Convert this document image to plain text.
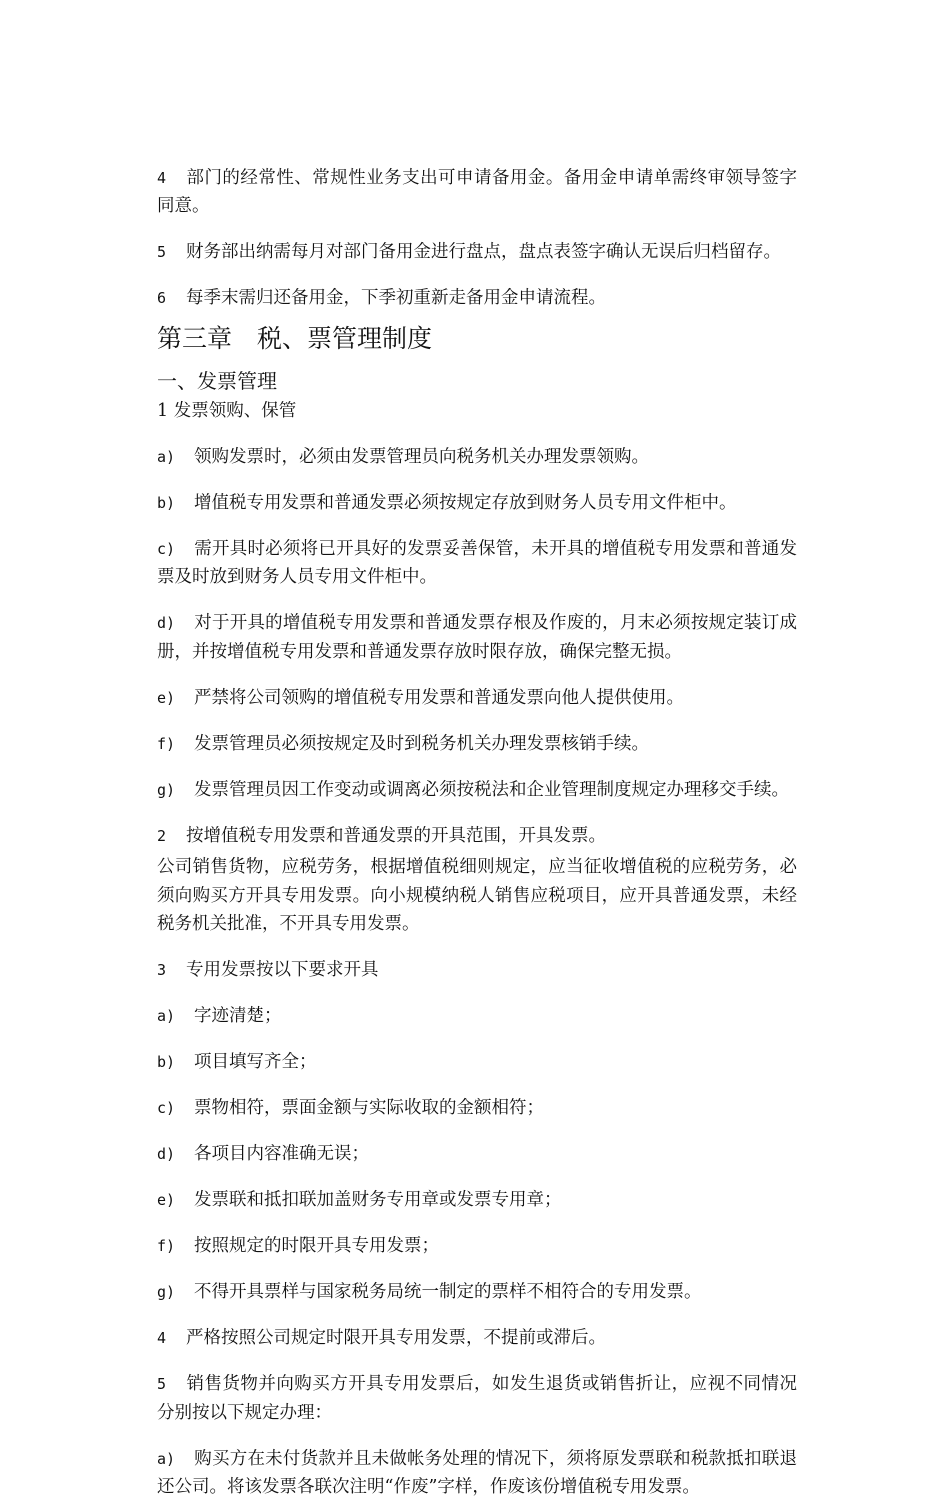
4 部门的经常性、常规性业务支出可申请备用金。备用金申请单需终审领导签字同意。

5 财务部出纳需每月对部门备用金进行盘点，盘点表签字确认无误后归档留存。

6 每季末需归还备用金，下季初重新走备用金申请流程。

第三章　税、票管理制度
一、发票管理

1 发票领购、保管

a) 领购发票时，必须由发票管理员向税务机关办理发票领购。

b) 增值税专用发票和普通发票必须按规定存放到财务人员专用文件柜中。

c) 需开具时必须将已开具好的发票妥善保管，未开具的增值税专用发票和普通发票及时放到财务人员专用文件柜中。

d) 对于开具的增值税专用发票和普通发票存根及作废的，月末必须按规定装订成册，并按增值税专用发票和普通发票存放时限存放，确保完整无损。

e) 严禁将公司领购的增值税专用发票和普通发票向他人提供使用。

f) 发票管理员必须按规定及时到税务机关办理发票核销手续。

g) 发票管理员因工作变动或调离必须按税法和企业管理制度规定办理移交手续。

2 按增值税专用发票和普通发票的开具范围，开具发票。

公司销售货物，应税劳务，根据增值税细则规定，应当征收增值税的应税劳务，必须向购买方开具专用发票。向小规模纳税人销售应税项目，应开具普通发票，未经税务机关批准，不开具专用发票。

3 专用发票按以下要求开具

a) 字迹清楚；

b) 项目填写齐全；

c) 票物相符，票面金额与实际收取的金额相符；

d) 各项目内容准确无误；

e) 发票联和抵扣联加盖财务专用章或发票专用章；

f) 按照规定的时限开具专用发票；

g) 不得开具票样与国家税务局统一制定的票样不相符合的专用发票。

4 严格按照公司规定时限开具专用发票，不提前或滞后。

5 销售货物并向购买方开具专用发票后，如发生退货或销售折让，应视不同情况分别按以下规定办理：

a) 购买方在未付货款并且未做帐务处理的情况下，须将原发票联和税款抵扣联退还公司。将该发票各联次注明“作废”字样，作废该份增值税专用发票。
